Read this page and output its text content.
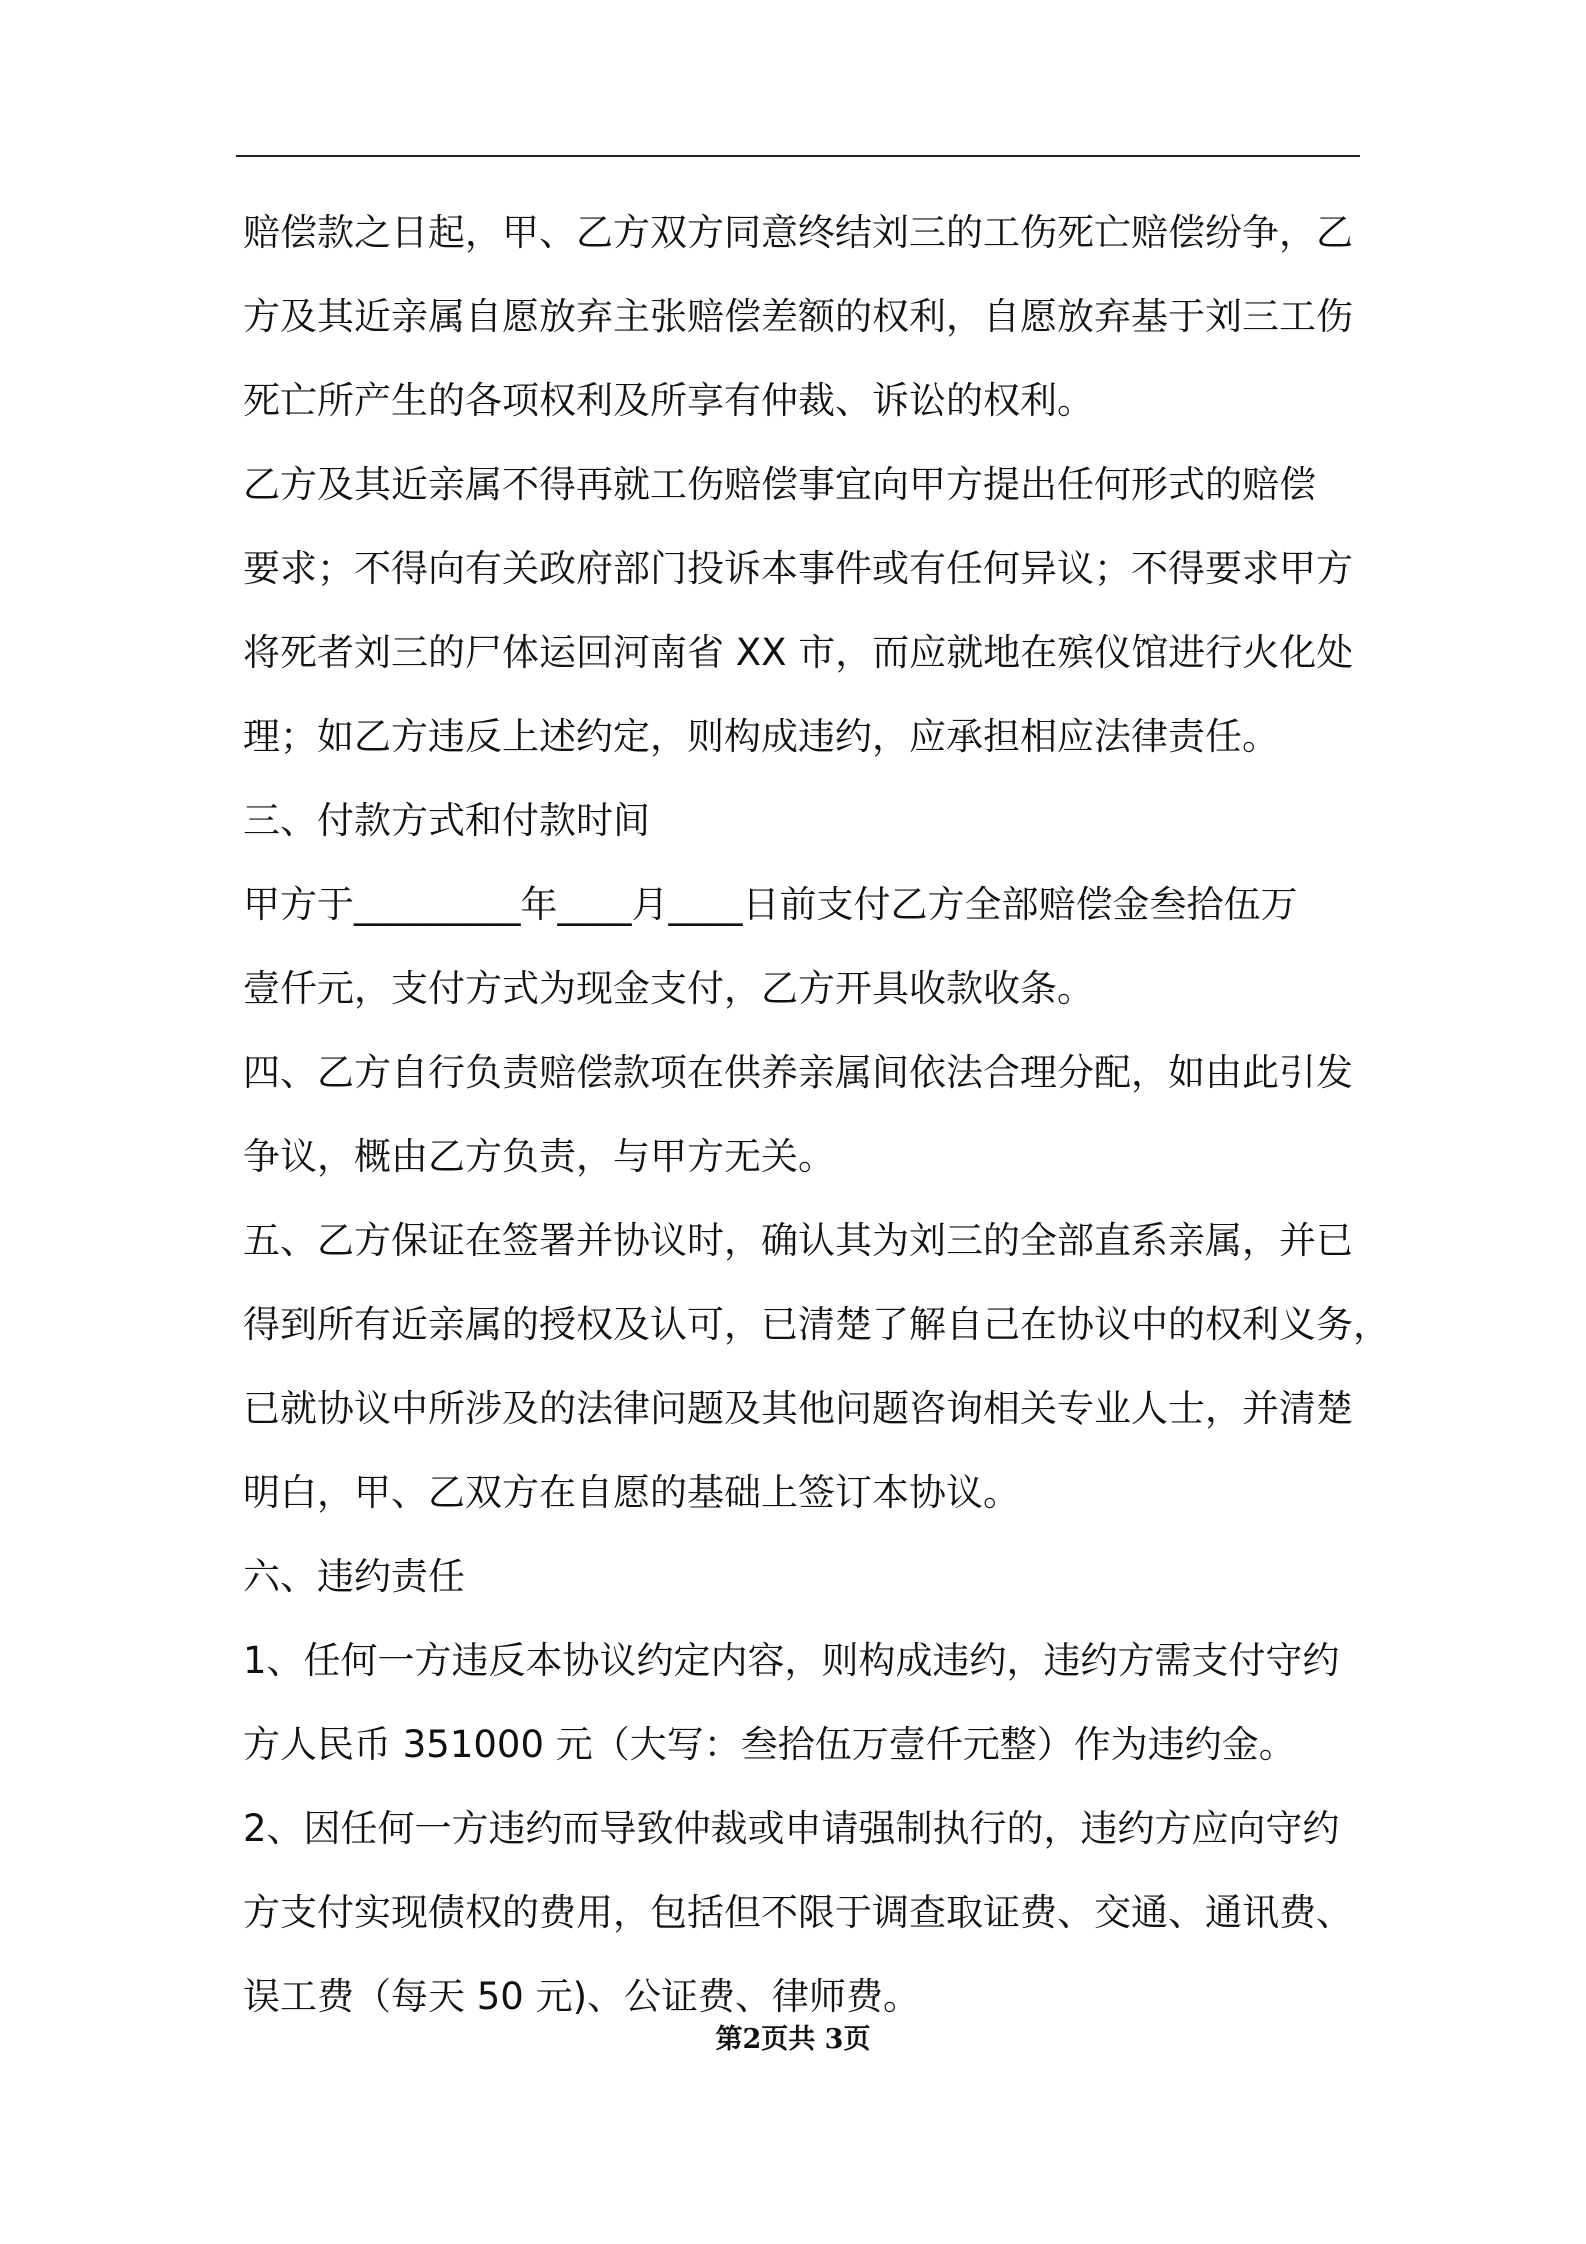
赔偿款之日起，甲、乙方双方同意终结刘三的工伤死亡赔偿纷争，乙
方及其近亲属自愿放弃主张赔偿差额的权利，自愿放弃基于刘三工伤
死亡所产生的各项权利及所享有仲裁、诉讼的权利。
乙方及其近亲属不得再就工伤赔偿事宜向甲方提出任何形式的赔偿
要求；不得向有关政府部门投诉本事件或有任何异议；不得要求甲方
将死者刘三的尸体运回河南省 XX 市，而应就地在殡仪馆进行火化处
理；如乙方违反上述约定，则构成违约，应承担相应法律责任。
三、付款方式和付款时间
甲方于_________年____月____日前支付乙方全部赔偿金叁拾伍万
壹仟元，支付方式为现金支付，乙方开具收款收条。
四、乙方自行负责赔偿款项在供养亲属间依法合理分配，如由此引发
争议，概由乙方负责，与甲方无关。
五、乙方保证在签署并协议时，确认其为刘三的全部直系亲属，并已
得到所有近亲属的授权及认可，已清楚了解自己在协议中的权利义务，
已就协议中所涉及的法律问题及其他问题咨询相关专业人士，并清楚
明白，甲、乙双方在自愿的基础上签订本协议。
六、违约责任
1、任何一方违反本协议约定内容，则构成违约，违约方需支付守约
方人民币 351000 元（大写：叁拾伍万壹仟元整）作为违约金。
2、因任何一方违约而导致仲裁或申请强制执行的，违约方应向守约
方支付实现债权的费用，包括但不限于调查取证费、交通、通讯费、
误工费（每天 50 元)、公证费、律师费。
第2页共 3页
